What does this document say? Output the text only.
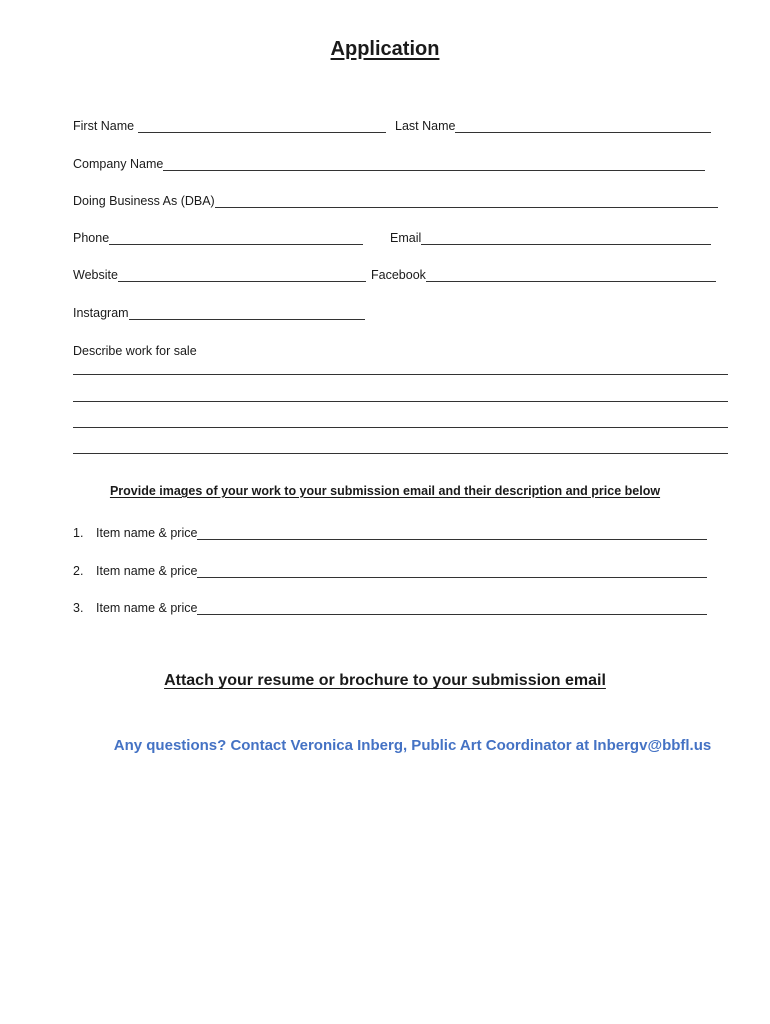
Application
First Name	Last Name
Company Name
Doing Business As (DBA)
Phone	Email
Website	Facebook
Instagram
Describe work for sale
Provide images of your work to your submission email and their description and price below
1.	Item name & price
2.	Item name & price
3.	Item name & price
Attach your resume or brochure to your submission email
Any questions? Contact Veronica Inberg, Public Art Coordinator at Inbergv@bbfl.us
